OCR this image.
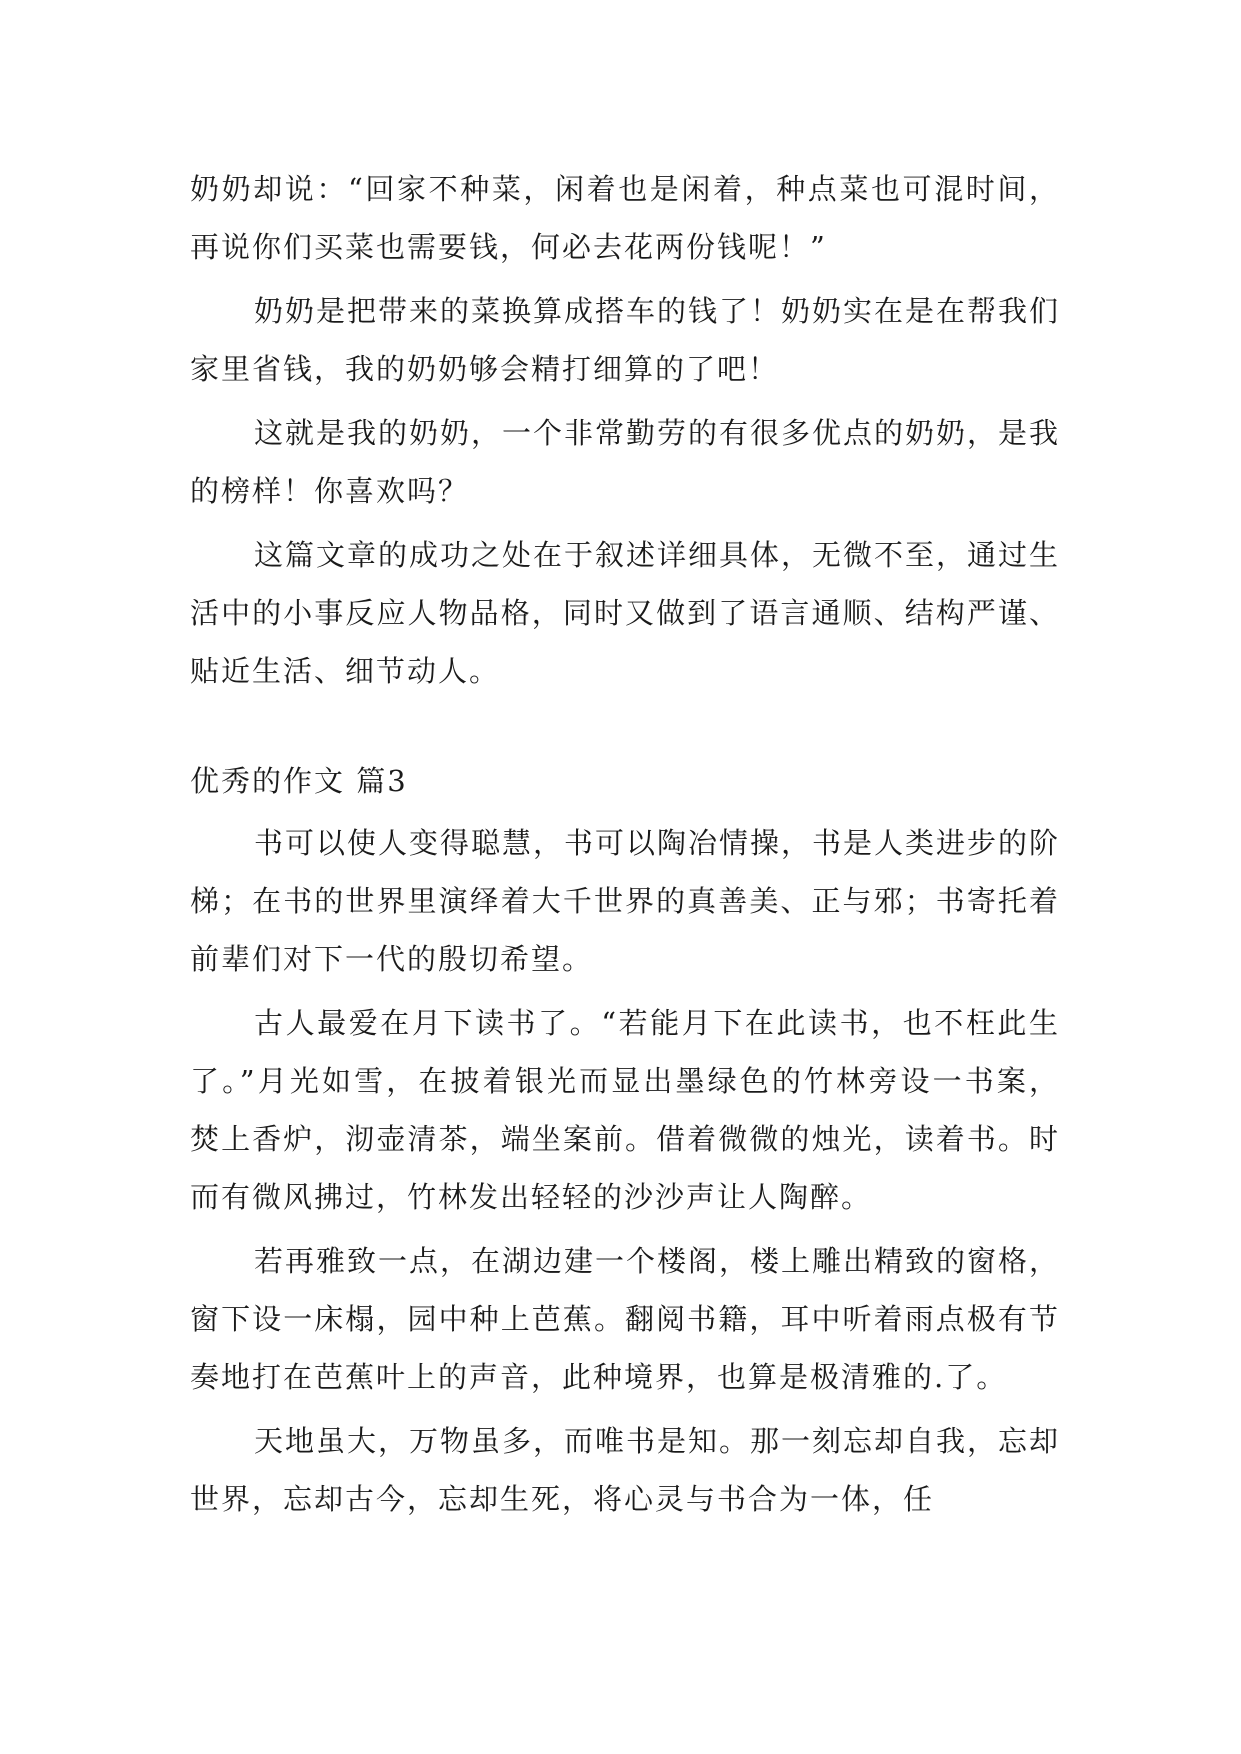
奶奶却说：“回家不种菜，闲着也是闲着，种点菜也可混时间，再说你们买菜也需要钱，何必去花两份钱呢！”

奶奶是把带来的菜换算成搭车的钱了！奶奶实在是在帮我们家里省钱，我的奶奶够会精打细算的了吧！

这就是我的奶奶，一个非常勤劳的有很多优点的奶奶，是我的榜样！你喜欢吗？

这篇文章的成功之处在于叙述详细具体，无微不至，通过生活中的小事反应人物品格，同时又做到了语言通顺、结构严谨、贴近生活、细节动人。

优秀的作文 篇3

书可以使人变得聪慧，书可以陶冶情操，书是人类进步的阶梯；在书的世界里演绎着大千世界的真善美、正与邪；书寄托着前辈们对下一代的殷切希望。

古人最爱在月下读书了。“若能月下在此读书，也不枉此生了。”月光如雪，在披着银光而显出墨绿色的竹林旁设一书案，焚上香炉，沏壶清茶，端坐案前。借着微微的烛光，读着书。时而有微风拂过，竹林发出轻轻的沙沙声让人陶醉。

若再雅致一点，在湖边建一个楼阁，楼上雕出精致的窗格，窗下设一床榻，园中种上芭蕉。翻阅书籍，耳中听着雨点极有节奏地打在芭蕉叶上的声音，此种境界，也算是极清雅的.了。

天地虽大，万物虽多，而唯书是知。那一刻忘却自我，忘却世界，忘却古今，忘却生死，将心灵与书合为一体，任
